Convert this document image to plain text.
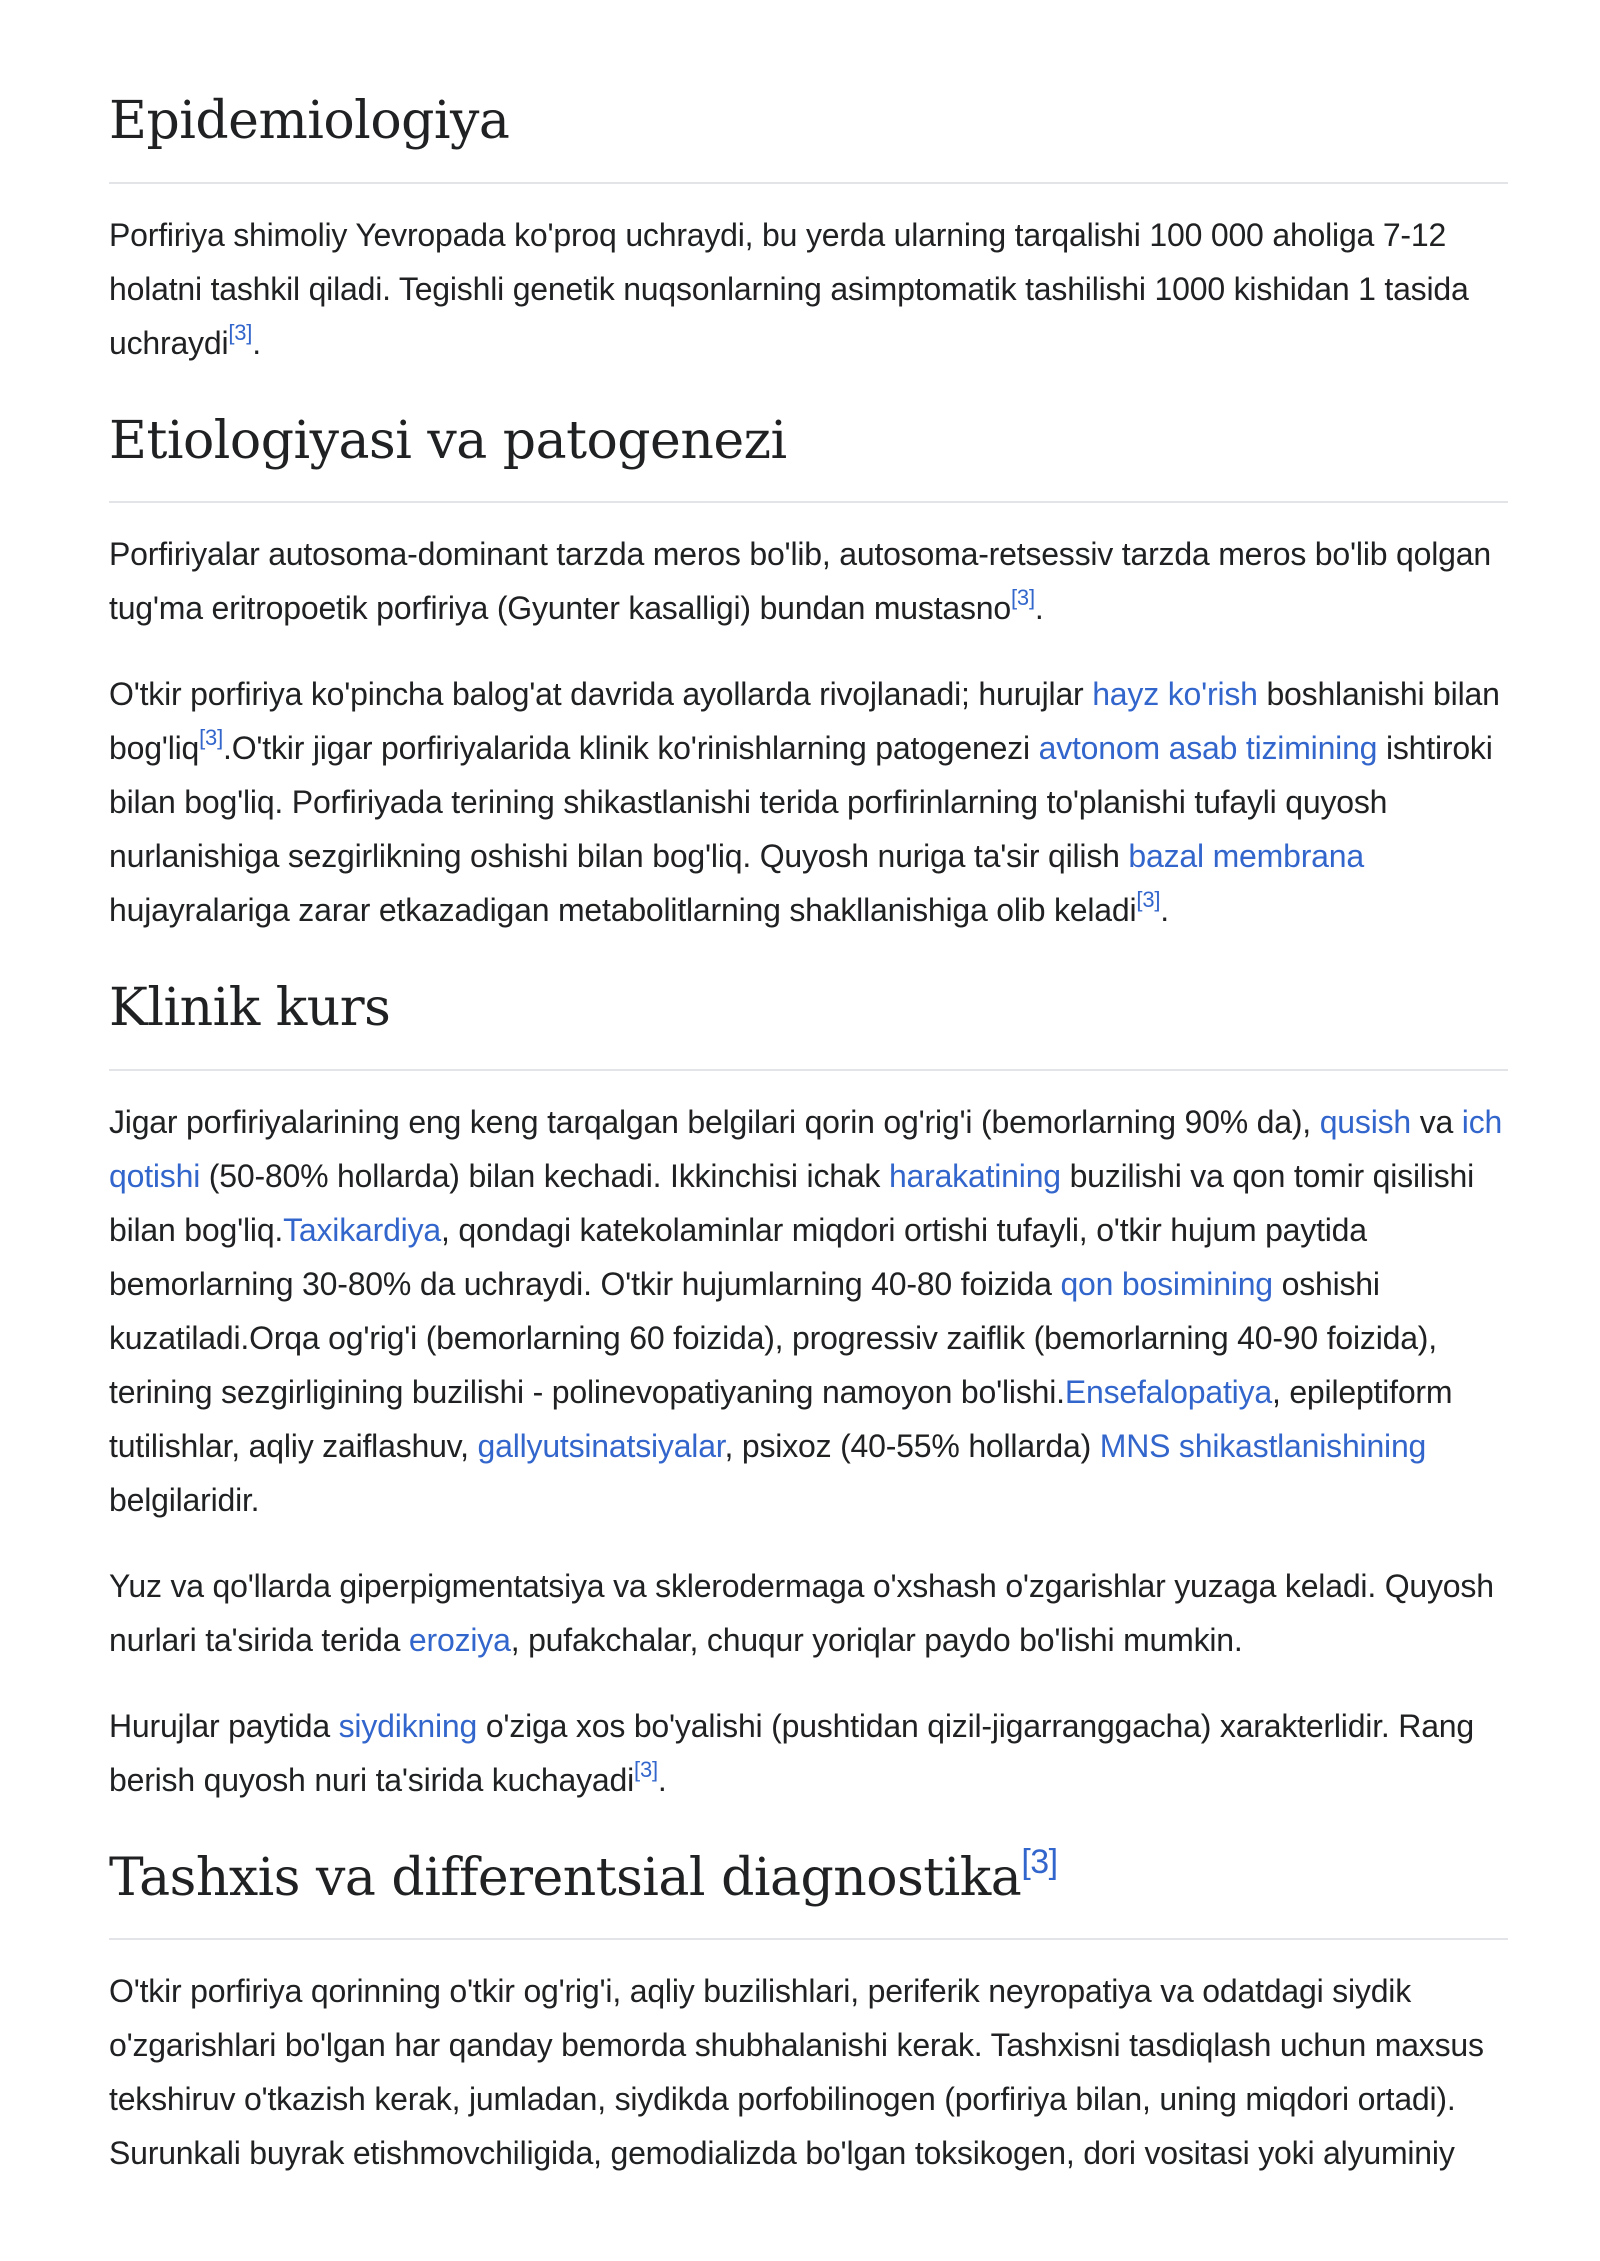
Epidemiologiya

Porfiriya shimoliy Yevropada ko'proq uchraydi, bu yerda ularning tarqalishi 100 000 aholiga 7-12 holatni tashkil qiladi. Tegishli genetik nuqsonlarning asimptomatik tashilishi 1000 kishidan 1 tasida uchraydi[3].

Etiologiyasi va patogenezi

Porfiriyalar autosoma-dominant tarzda meros bo'lib, autosoma-retsessiv tarzda meros bo'lib qolgan tug'ma eritropoetik porfiriya (Gyunter kasalligi) bundan mustasno[3].

O'tkir porfiriya ko'pincha balog'at davrida ayollarda rivojlanadi; hurujlar hayz ko'rish boshlanishi bilan bog'liq[3].O'tkir jigar porfiriyalarida klinik ko'rinishlarning patogenezi avtonom asab tizimining ishtiroki bilan bog'liq. Porfiriyada terining shikastlanishi terida porfirinlarning to'planishi tufayli quyosh nurlanishiga sezgirlikning oshishi bilan bog'liq. Quyosh nuriga ta'sir qilish bazal membrana hujayralariga zarar etkazadigan metabolitlarning shakllanishiga olib keladi[3].

Klinik kurs

Jigar porfiriyalarining eng keng tarqalgan belgilari qorin og'rig'i (bemorlarning 90% da), qusish va ich qotishi (50-80% hollarda) bilan kechadi. Ikkinchisi ichak harakatining buzilishi va qon tomir qisilishi bilan bog'liq.Taxikardiya, qondagi katekolaminlar miqdori ortishi tufayli, o'tkir hujum paytida bemorlarning 30-80% da uchraydi. O'tkir hujumlarning 40-80 foizida qon bosimining oshishi kuzatiladi.Orqa og'rig'i (bemorlarning 60 foizida), progressiv zaiflik (bemorlarning 40-90 foizida), terining sezgirligining buzilishi - polinevopatiyaning namoyon bo'lishi.Ensefalopatiya, epileptiform tutilishlar, aqliy zaiflashuv, gallyutsinatsiyalar, psixoz (40-55% hollarda) MNS shikastlanishining belgilaridir.

Yuz va qo'llarda giperpigmentatsiya va sklerodermaga o'xshash o'zgarishlar yuzaga keladi. Quyosh nurlari ta'sirida terida eroziya, pufakchalar, chuqur yoriqlar paydo bo'lishi mumkin.

Hurujlar paytida siydikning o'ziga xos bo'yalishi (pushtidan qizil-jigarranggacha) xarakterlidir. Rang berish quyosh nuri ta'sirida kuchayadi[3].

Tashxis va differentsial diagnostika[3]

O'tkir porfiriya qorinning o'tkir og'rig'i, aqliy buzilishlari, periferik neyropatiya va odatdagi siydik o'zgarishlari bo'lgan har qanday bemorda shubhalanishi kerak. Tashxisni tasdiqlash uchun maxsus tekshiruv o'tkazish kerak, jumladan, siydikda porfobilinogen (porfiriya bilan, uning miqdori ortadi). Surunkali buyrak etishmovchiligida, gemodializda bo'lgan toksikogen, dori vositasi yoki alyuminiy
